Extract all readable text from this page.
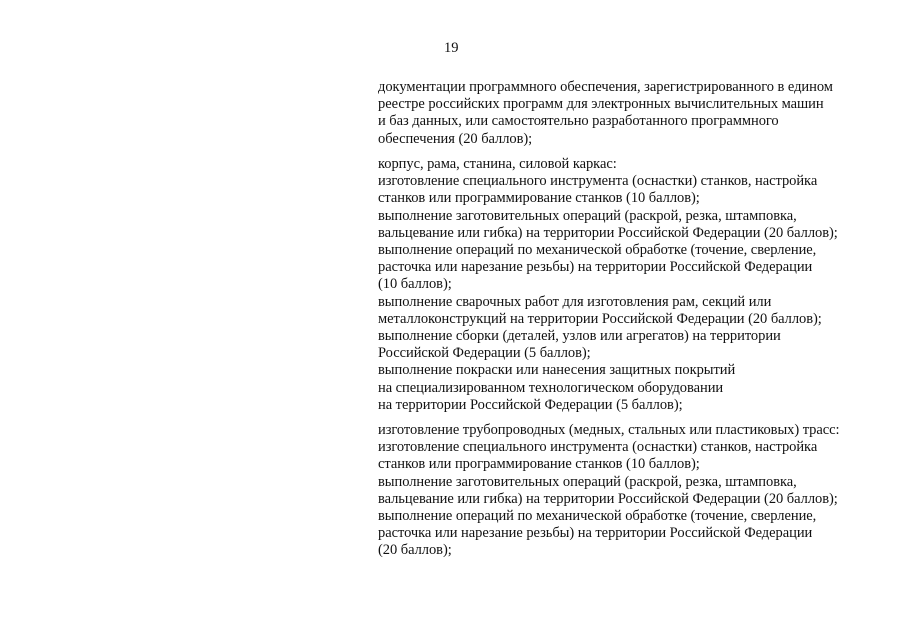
19
документации программного обеспечения, зарегистрированного в едином
реестре российских программ для электронных вычислительных машин
и баз данных, или самостоятельно разработанного программного
обеспечения (20 баллов);
корпус, рама, станина, силовой каркас:
изготовление специального инструмента (оснастки) станков, настройка
станков или программирование станков (10 баллов);
выполнение заготовительных операций (раскрой, резка, штамповка,
вальцевание или гибка) на территории Российской Федерации (20 баллов);
выполнение операций по механической обработке (точение, сверление,
расточка или нарезание резьбы) на территории Российской Федерации
(10 баллов);
выполнение сварочных работ для изготовления рам, секций или
металлоконструкций на территории Российской Федерации (20 баллов);
выполнение сборки (деталей, узлов или агрегатов) на территории
Российской Федерации (5 баллов);
выполнение покраски или нанесения защитных покрытий
на специализированном технологическом оборудовании
на территории Российской Федерации (5 баллов);
изготовление трубопроводных (медных, стальных или пластиковых) трасс:
изготовление специального инструмента (оснастки) станков, настройка
станков или программирование станков (10 баллов);
выполнение заготовительных операций (раскрой, резка, штамповка,
вальцевание или гибка) на территории Российской Федерации (20 баллов);
выполнение операций по механической обработке (точение, сверление,
расточка или нарезание резьбы) на территории Российской Федерации
(20 баллов);
